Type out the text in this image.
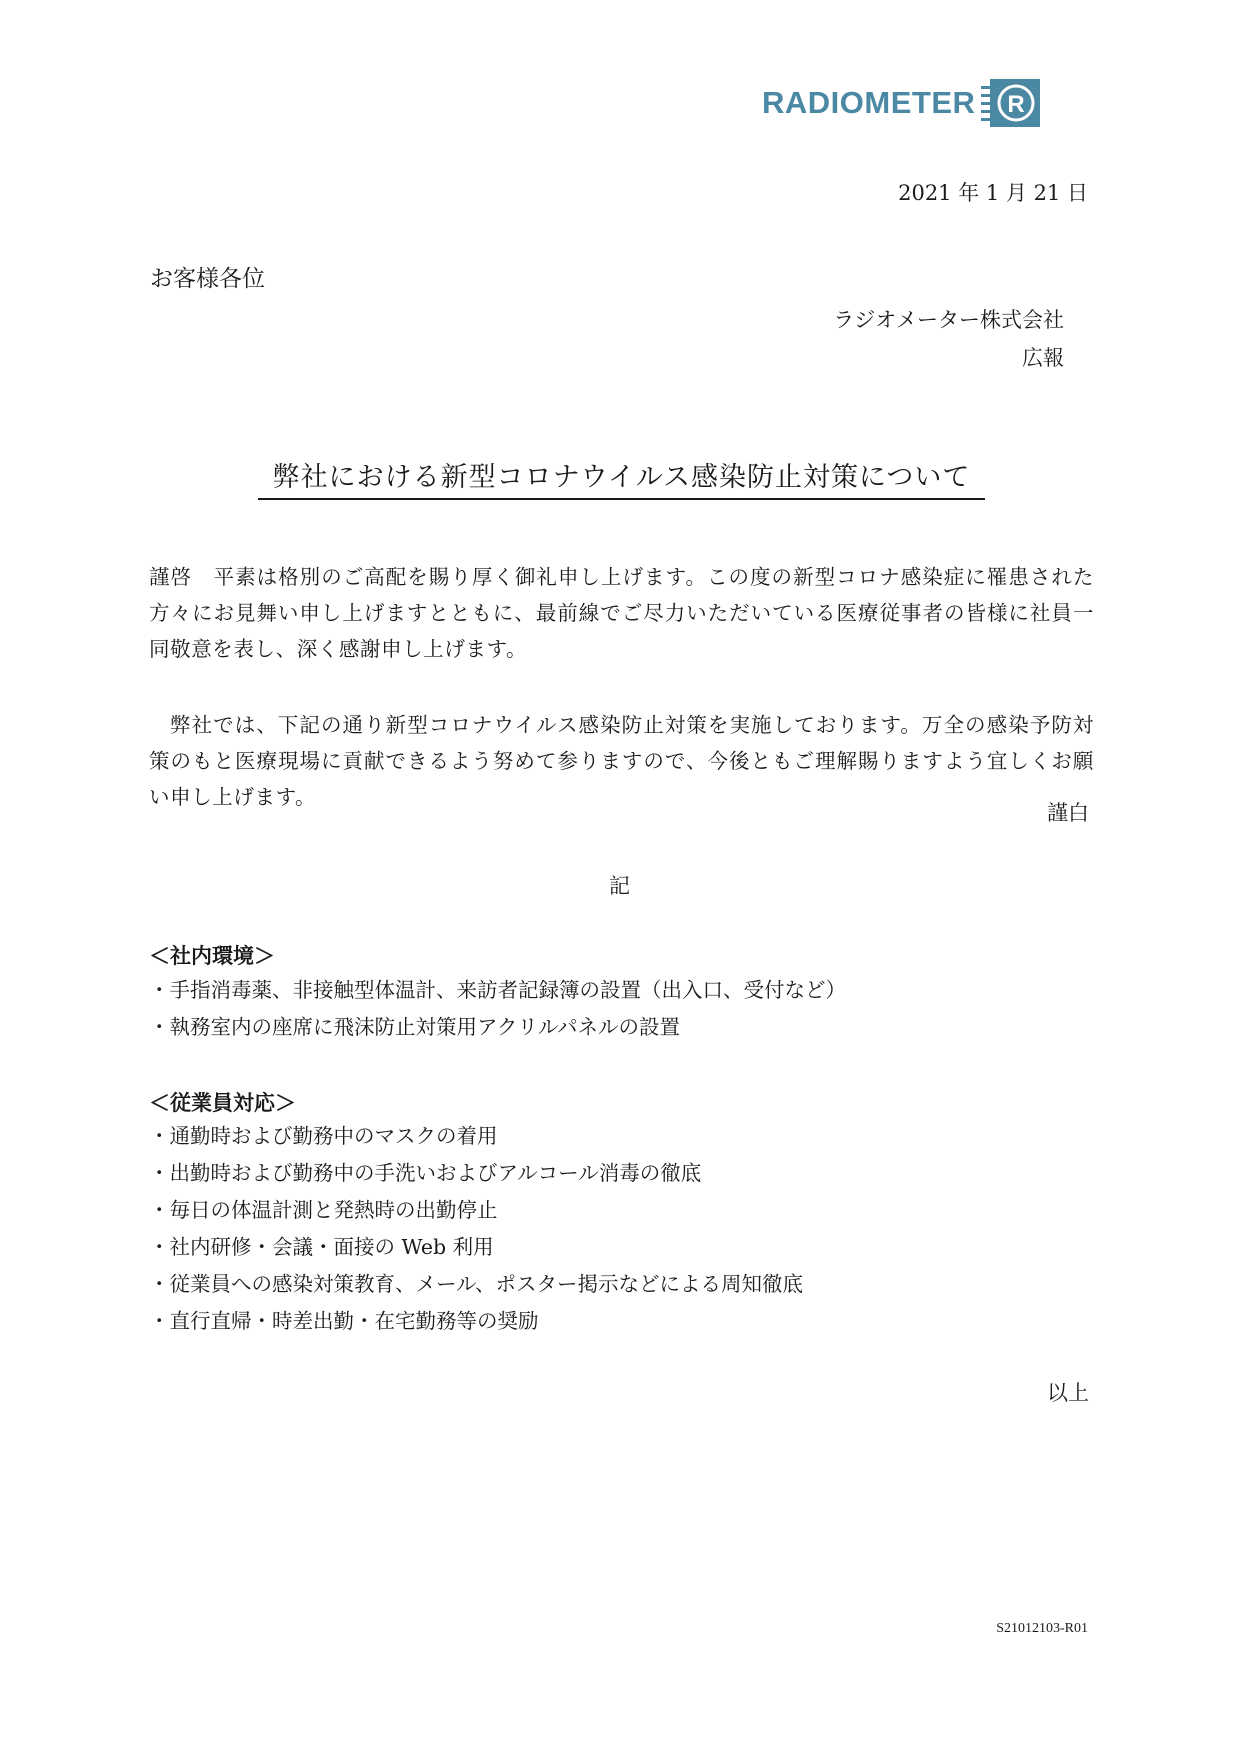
RADIOMETER R
2021 年 1 月 21 日
お客様各位
ラジオメーター株式会社
広報
弊社における新型コロナウイルス感染防止対策について

謹啓　平素は格別のご高配を賜り厚く御礼申し上げます。この度の新型コロナ感染症に罹患された方々にお見舞い申し上げますとともに、最前線でご尽力いただいている医療従事者の皆様に社員一同敬意を表し、深く感謝申し上げます。

弊社では、下記の通り新型コロナウイルス感染防止対策を実施しております。万全の感染予防対策のもと医療現場に貢献できるよう努めて参りますので、今後ともご理解賜りますよう宜しくお願い申し上げます。

謹白
記
＜社内環境＞
・手指消毒薬、非接触型体温計、来訪者記録簿の設置（出入口、受付など）
・執務室内の座席に飛沫防止対策用アクリルパネルの設置
＜従業員対応＞
・通勤時および勤務中のマスクの着用
・出勤時および勤務中の手洗いおよびアルコール消毒の徹底
・毎日の体温計測と発熱時の出勤停止
・社内研修・会議・面接の Web 利用
・従業員への感染対策教育、メール、ポスター掲示などによる周知徹底
・直行直帰・時差出勤・在宅勤務等の奨励
以上
S21012103-R01
